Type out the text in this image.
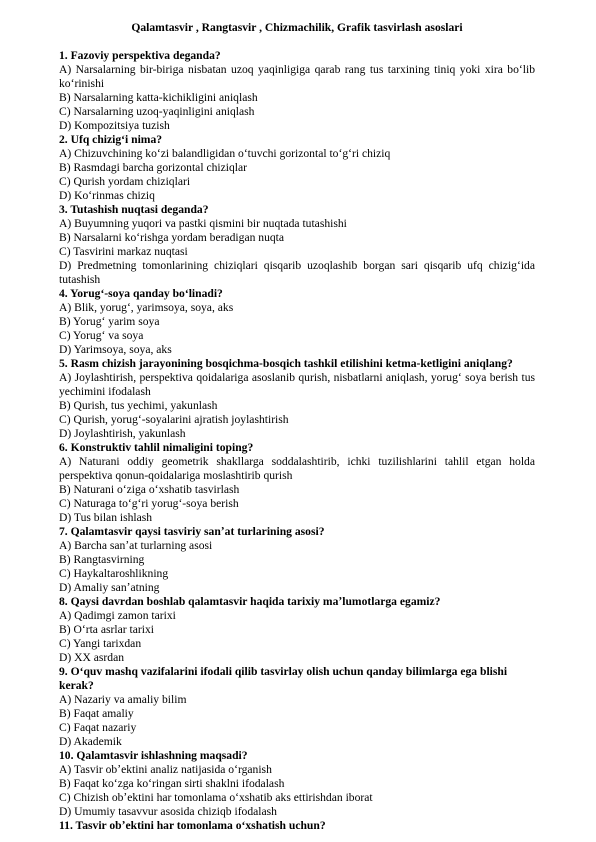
Qalamtasvir , Rangtasvir , Chizmachilik, Grafik tasvirlash asoslari
1. Fazoviy perspektiva deganda?
A) Narsalarning bir-biriga nisbatan uzoq yaqinligiga qarab rang tus tarxining tiniq yoki xira boʻlib koʻrinishi
B) Narsalarning katta-kichikligini aniqlash
C) Narsalarning uzoq-yaqinligini aniqlash
D) Kompozitsiya tuzish
2. Ufq chizigʻi nima?
A) Chizuvchining koʻzi balandligidan oʻtuvchi gorizontal toʻgʻri chiziq
B) Rasmdagi barcha gorizontal chiziqlar
C) Qurish yordam chiziqlari
D) Koʻrinmas chiziq
3. Tutashish nuqtasi deganda?
A) Buyumning yuqori va pastki qismini bir nuqtada tutashishi
B) Narsalarni koʻrishga yordam beradigan nuqta
C) Tasvirini markaz nuqtasi
D) Predmetning tomonlarining chiziqlari qisqarib uzoqlashib borgan sari qisqarib ufq chizigʻida tutashish
4. Yorugʻ-soya qanday boʻlinadi?
A) Blik, yorugʻ, yarimsoya, soya, aks
B) Yorugʻ yarim soya
C) Yorugʻ va soya
D) Yarimsoya, soya, aks
5. Rasm chizish jarayonining bosqichma-bosqich tashkil etilishini ketma-ketligini aniqlang?
A) Joylashtirish, perspektiva qoidalariga asoslanib qurish, nisbatlarni aniqlash, yorugʻ soya berish tus yechimini ifodalash
B) Qurish, tus yechimi, yakunlash
C) Qurish, yorugʻ-soyalarini ajratish joylashtirish
D) Joylashtirish, yakunlash
6. Konstruktiv tahlil nimaligini toping?
A) Naturani oddiy geometrik shakllarga soddalashtirib, ichki tuzilishlarini tahlil etgan holda perspektiva qonun-qoidalariga moslashtirib qurish
B) Naturani oʻziga oʻxshatib tasvirlash
C) Naturaga toʻgʻri yorugʻ-soya berish
D) Tus bilan ishlash
7. Qalamtasvir qaysi tasviriy sanʼat turlarining asosi?
A) Barcha sanʼat turlarning asosi
B) Rangtasvirning
C) Haykaltaroshlikning
D) Amaliy sanʼatning
8. Qaysi davrdan boshlab qalamtasvir haqida tarixiy maʼlumotlarga egamiz?
A) Qadimgi zamon tarixi
B) Oʻrta asrlar tarixi
C) Yangi tarixdan
D) XX asrdan
9. Oʻquv mashq vazifalarini ifodali qilib tasvirlay olish uchun qanday bilimlarga ega blishi kerak?
A) Nazariy va amaliy bilim
B) Faqat amaliy
C) Faqat nazariy
D) Akademik
10. Qalamtasvir ishlashning maqsadi?
A) Tasvir obʼektini analiz natijasida oʻrganish
B) Faqat koʻzga koʻringan sirti shaklni ifodalash
C) Chizish obʼektini har tomonlama oʻxshatib aks ettirishdan iborat
D) Umumiy tasavvur asosida chiziqb ifodalash
11. Tasvir obʼektini har tomonlama oʻxshatish uchun?
